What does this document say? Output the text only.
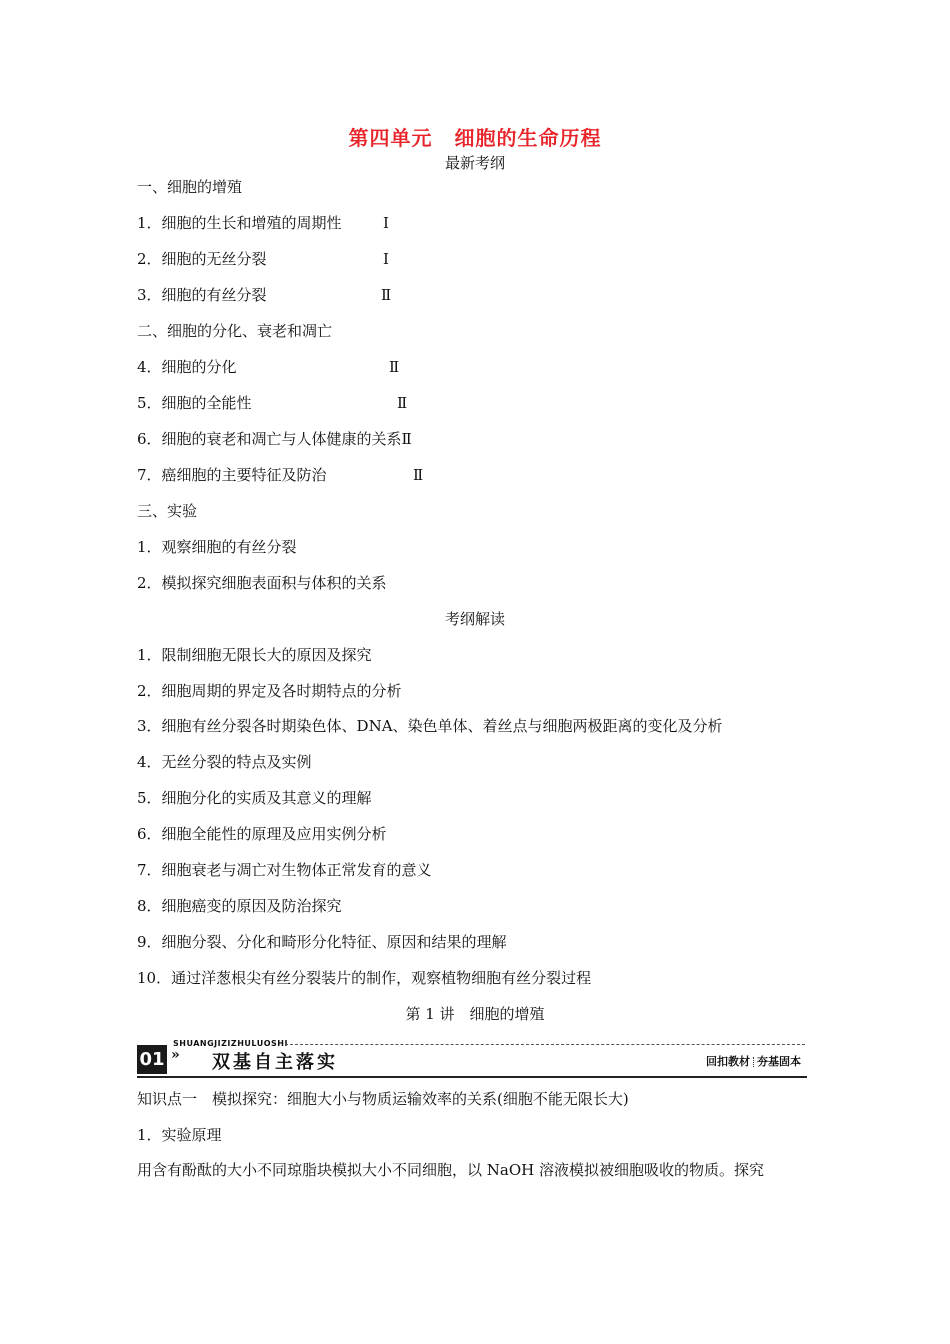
第四单元 细胞的生命历程
最新考纲
一、细胞的增殖
1．细胞的生长和增殖的周期性	Ⅰ
2．细胞的无丝分裂	Ⅰ
3．细胞的有丝分裂	Ⅱ
二、细胞的分化、衰老和凋亡
4．细胞的分化	Ⅱ
5．细胞的全能性	Ⅱ
6．细胞的衰老和凋亡与人体健康的关系Ⅱ
7．癌细胞的主要特征及防治	Ⅱ
三、实验
1．观察细胞的有丝分裂
2．模拟探究细胞表面积与体积的关系
考纲解读
1．限制细胞无限长大的原因及探究
2．细胞周期的界定及各时期特点的分析
3．细胞有丝分裂各时期染色体、DNA、染色单体、着丝点与细胞两极距离的变化及分析
4．无丝分裂的特点及实例
5．细胞分化的实质及其意义的理解
6．细胞全能性的原理及应用实例分析
7．细胞衰老与凋亡对生物体正常发育的意义
8．细胞癌变的原因及防治探究
9．细胞分裂、分化和畸形分化特征、原因和结果的理解
10．通过洋葱根尖有丝分裂装片的制作，观察植物细胞有丝分裂过程
第 1 讲　细胞的增殖
SHUANGJIZIZHULUOSHI
01 » 双基自主落实	回扣教材 夯基固本
知识点一　模拟探究：细胞大小与物质运输效率的关系(细胞不能无限长大)
1．实验原理
用含有酚酞的大小不同琼脂块模拟大小不同细胞，以 NaOH 溶液模拟被细胞吸收的物质。探究
